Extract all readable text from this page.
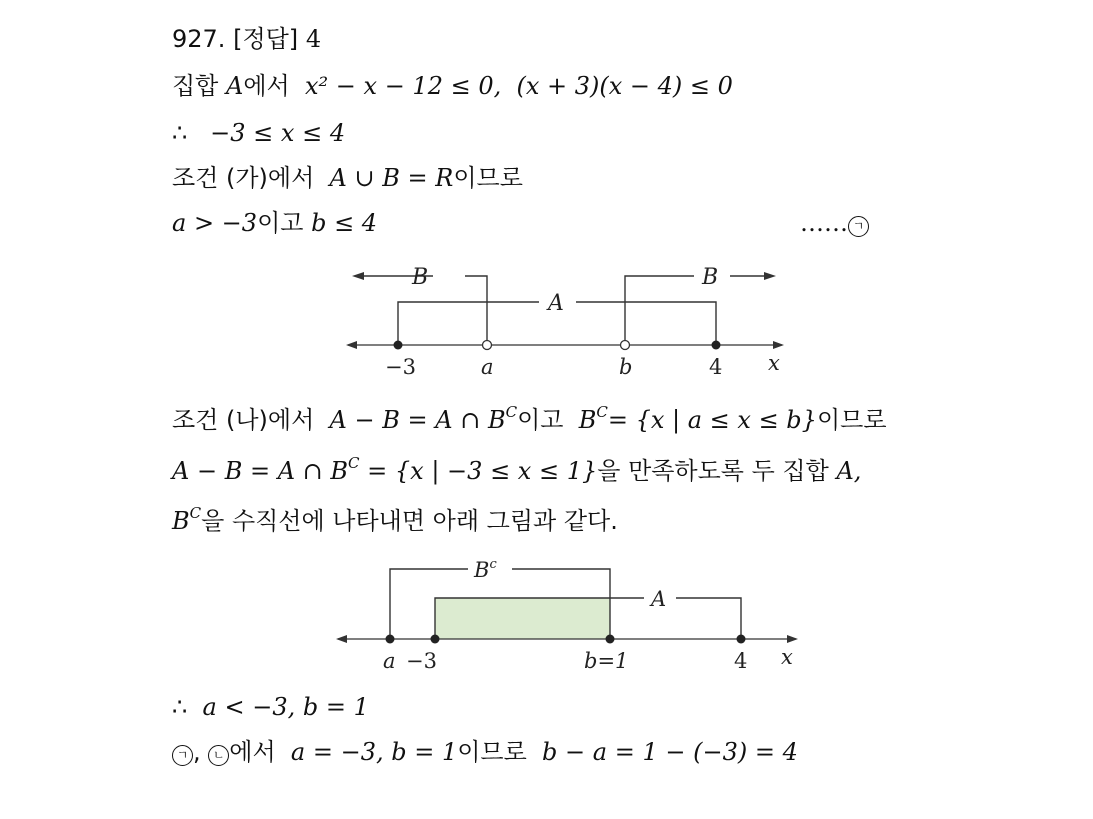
927. [정답] 4
집합 A에서 x² − x − 12 ≤ 0, (x + 3)(x − 4) ≤ 0
∴ −3 ≤ x ≤ 4
조건 (가)에서 A ∪ B = R이므로
a > −3이고 b ≤ 4	…… ㄱ
B
A
B
−3	a	b	4 x
$B^c$
A
a −3	b=1	4 x
조건 (나)에서 A − B = A ∩ $B^C$이고 $B^C= \{x$ | a ≤ x ≤ b}이므로
A − B = A ∩ $B^C = \{x$ | −3 ≤ x ≤ 1}을 만족하도록 두 집합 A,
$B^C$을 수직선에 나타내면 아래 그림과 같다.
∴ a < −3, b = 1
ㄱ , ㄴ 에서 a = −3, b = 1이므로 b − a = 1 − (−3) = 4
